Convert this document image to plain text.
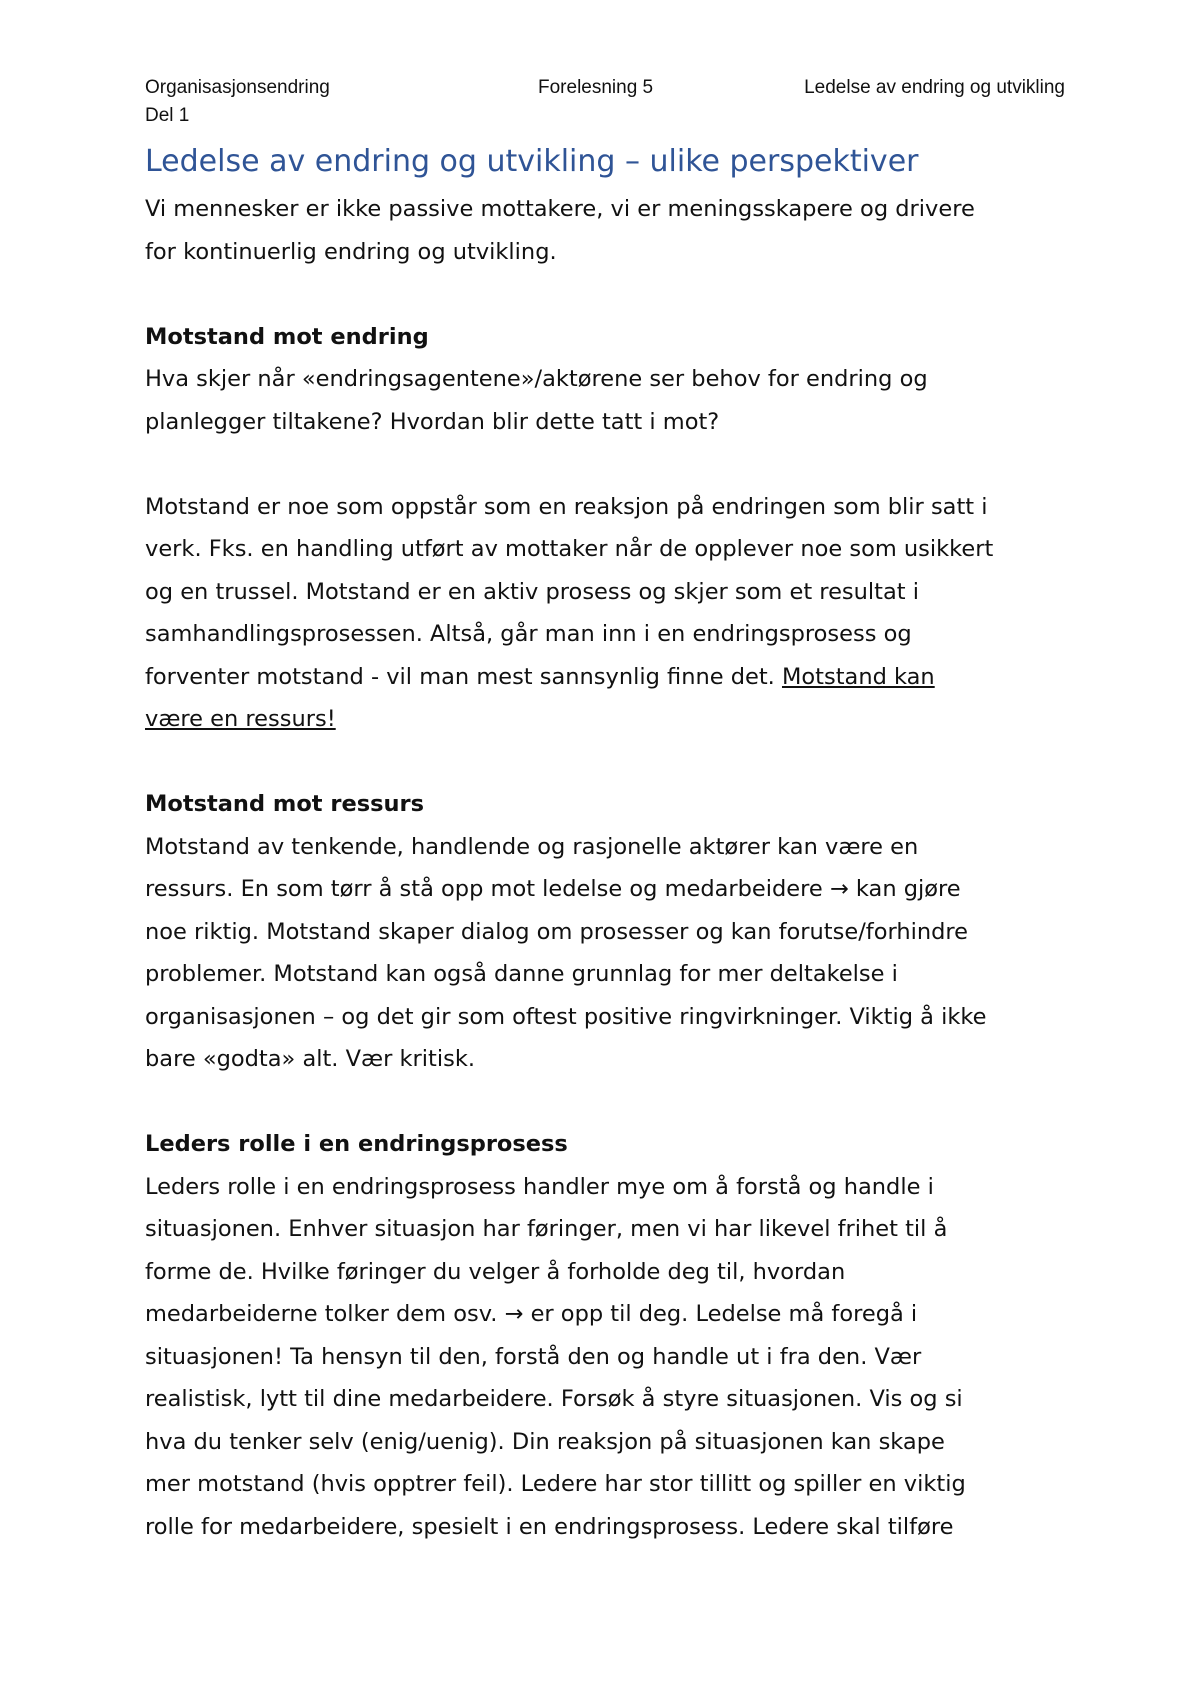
Organisasjonsendring	Forelesning 5	Ledelse av endring og utvikling
Del 1
Ledelse av endring og utvikling – ulike perspektiver

Vi mennesker er ikke passive mottakere, vi er meningsskapere og drivere
for kontinuerlig endring og utvikling.

Motstand mot endring

Hva skjer når «endringsagentene»/aktørene ser behov for endring og
planlegger tiltakene? Hvordan blir dette tatt i mot?

Motstand er noe som oppstår som en reaksjon på endringen som blir satt i
verk. Fks. en handling utført av mottaker når de opplever noe som usikkert
og en trussel. Motstand er en aktiv prosess og skjer som et resultat i
samhandlingsprosessen. Altså, går man inn i en endringsprosess og
forventer motstand - vil man mest sannsynlig finne det. Motstand kan
være en ressurs!

Motstand mot ressurs

Motstand av tenkende, handlende og rasjonelle aktører kan være en
ressurs. En som tørr å stå opp mot ledelse og medarbeidere → kan gjøre
noe riktig. Motstand skaper dialog om prosesser og kan forutse/forhindre
problemer. Motstand kan også danne grunnlag for mer deltakelse i
organisasjonen – og det gir som oftest positive ringvirkninger. Viktig å ikke
bare «godta» alt. Vær kritisk.

Leders rolle i en endringsprosess

Leders rolle i en endringsprosess handler mye om å forstå og handle i
situasjonen. Enhver situasjon har føringer, men vi har likevel frihet til å
forme de. Hvilke føringer du velger å forholde deg til, hvordan
medarbeiderne tolker dem osv. → er opp til deg. Ledelse må foregå i
situasjonen! Ta hensyn til den, forstå den og handle ut i fra den. Vær
realistisk, lytt til dine medarbeidere. Forsøk å styre situasjonen. Vis og si
hva du tenker selv (enig/uenig). Din reaksjon på situasjonen kan skape
mer motstand (hvis opptrer feil). Ledere har stor tillitt og spiller en viktig
rolle for medarbeidere, spesielt i en endringsprosess. Ledere skal tilføre
